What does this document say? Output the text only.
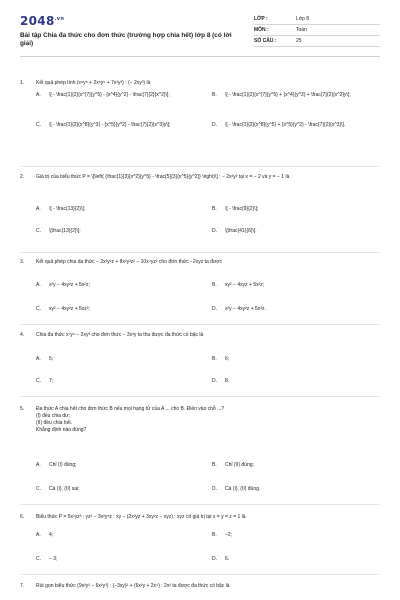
$2048^{.vn}$
Bài tập Chia đa thức cho đơn thức (trường hợp chia hết) lớp 8 (có lời giải)
LỚP :	Lớp 8
MÔN :	Toán
SỐ CÂU :	25
1.	Kết quả phép tính (x⁸y⁸ + 2x⁵y⁵ + 7x³y³) : (− 2xy³) là
A.	\[ - \frac{1}{2}{x^{7}{y^5} - {x^4}{y^2} - \frac{7}{2}{x^2}\];	B.	\[ - \frac{1}{2}{x^{7}{y^5} + {x^4}{y^2} + \frac{7}{2}{x^2}y\];
C.	\[ - \frac{1}{2}{x^8}{y^3} - {x^5}{y^2} - \frac{7}{2}{x^3}y\];	D.	\[ - \frac{1}{2}{x^8}{y^5} + {x^5}{y^2} - \frac{7}{2}{x^3}\].
2.	Giá trị của biểu thức P = \[\left( {\frac{1}{3}{x^2}{y^5} - \frac{5}{3}{x^5}{y^2}} \right)\] : − 2x²y² tại x = − 2 và y = − 1 là
A.	\[ - \frac{13}{2}\];	B.	\[ - \frac{9}{2}\];
C.	\[\frac{13}{2}\];	D.	\[\frac{41}{6}\].
3.	Kết quả phép chia đa thức − 2x³y²z + 8x²y³z² − 10x⁴yz² cho đơn thức −2xyz ta được
A.	x²y − 4xy²z + 5x²z;	B.	xy² − 4xyz + 5x²z;
C.	xy² − 4xy²z + 5xz³;	D.	x²y − 4xy²z + 5x³z.
4.	Chia đa thức x⁷y⁴ − 2xy³ cho đơn thức − 3x³y ta thu được đa thức có bậc là
A.	5;	B.	6;
C.	7;	D.	8.
5.	Đa thức A chia hết cho đơn thức B nếu mọi hạng tử của A ... cho B. Điền vào chỗ ...?
(I) đều chia dư;
(II) đều chia hết.
Khẳng định nào đúng?
A.	Chỉ (I) đúng;	B.	Chỉ (II) đúng;
C.	Cả (I), (II) sai;	D.	Cả (I), (II) đúng.
6.	Biểu thức P = 5x²yz³ : yz² − 3x²y⁵z : xy − (2x²yz + 3xy²z − xyz) : xyz có giá trị tại x = y = z = 1 là
A.	4;	B.	−2;
C.	− 3;	D.	6.
7.	Rút gọn biểu thức (9x²y² − 6x²y³) : (−3xy)² + (6x²y + 2x⁴) : 2x² ta được đa thức có bậc là
